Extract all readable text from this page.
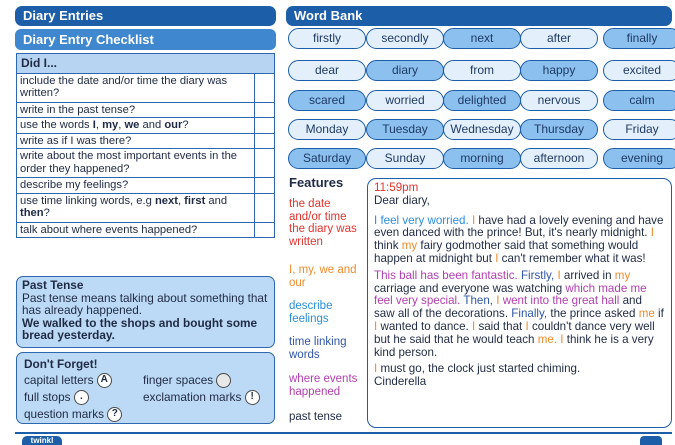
Diary Entries
Diary Entry Checklist
Did I...	
include the date and/or time the diary was written?	
write in the past tense?	
use the words I, my, we and our?	
write as if I was there?	
write about the most important events in the order they happened?	
describe my feelings?	
use time linking words, e.g next, first and then?	
talk about where events happened?	
Past Tense
Past tense means talking about something that has already happened.
We walked to the shops and bought some bread yesterday.
Don't Forget!
capital letters A	finger spaces
full stops .	exclamation marks !
question marks ?
Word Bank
firstly	secondly	next	after	finally
dear	diary	from	happy	excited
scared	worried	delighted	nervous	calm
Monday	Tuesday	Wednesday	Thursday	Friday
Saturday	Sunday	morning	afternoon	evening
Features
the date and/or time the diary was written
I, my, we and our
describe feelings
time linking words
where events happened
past tense
11:59pm

Dear diary,

I feel very worried. I have had a lovely evening and have even danced with the prince! But, it's nearly midnight. I think my fairy godmother said that something would happen at midnight but I can't remember what it was!

This ball has been fantastic. Firstly, I arrived in my carriage and everyone was watching which made me feel very special. Then, I went into the great hall and saw all of the decorations. Finally, the prince asked me if I wanted to dance. I said that I couldn't dance very well but he said that he would teach me. I think he is a very kind person.

I must go, the clock just started chiming.

Cinderella
twinkl
